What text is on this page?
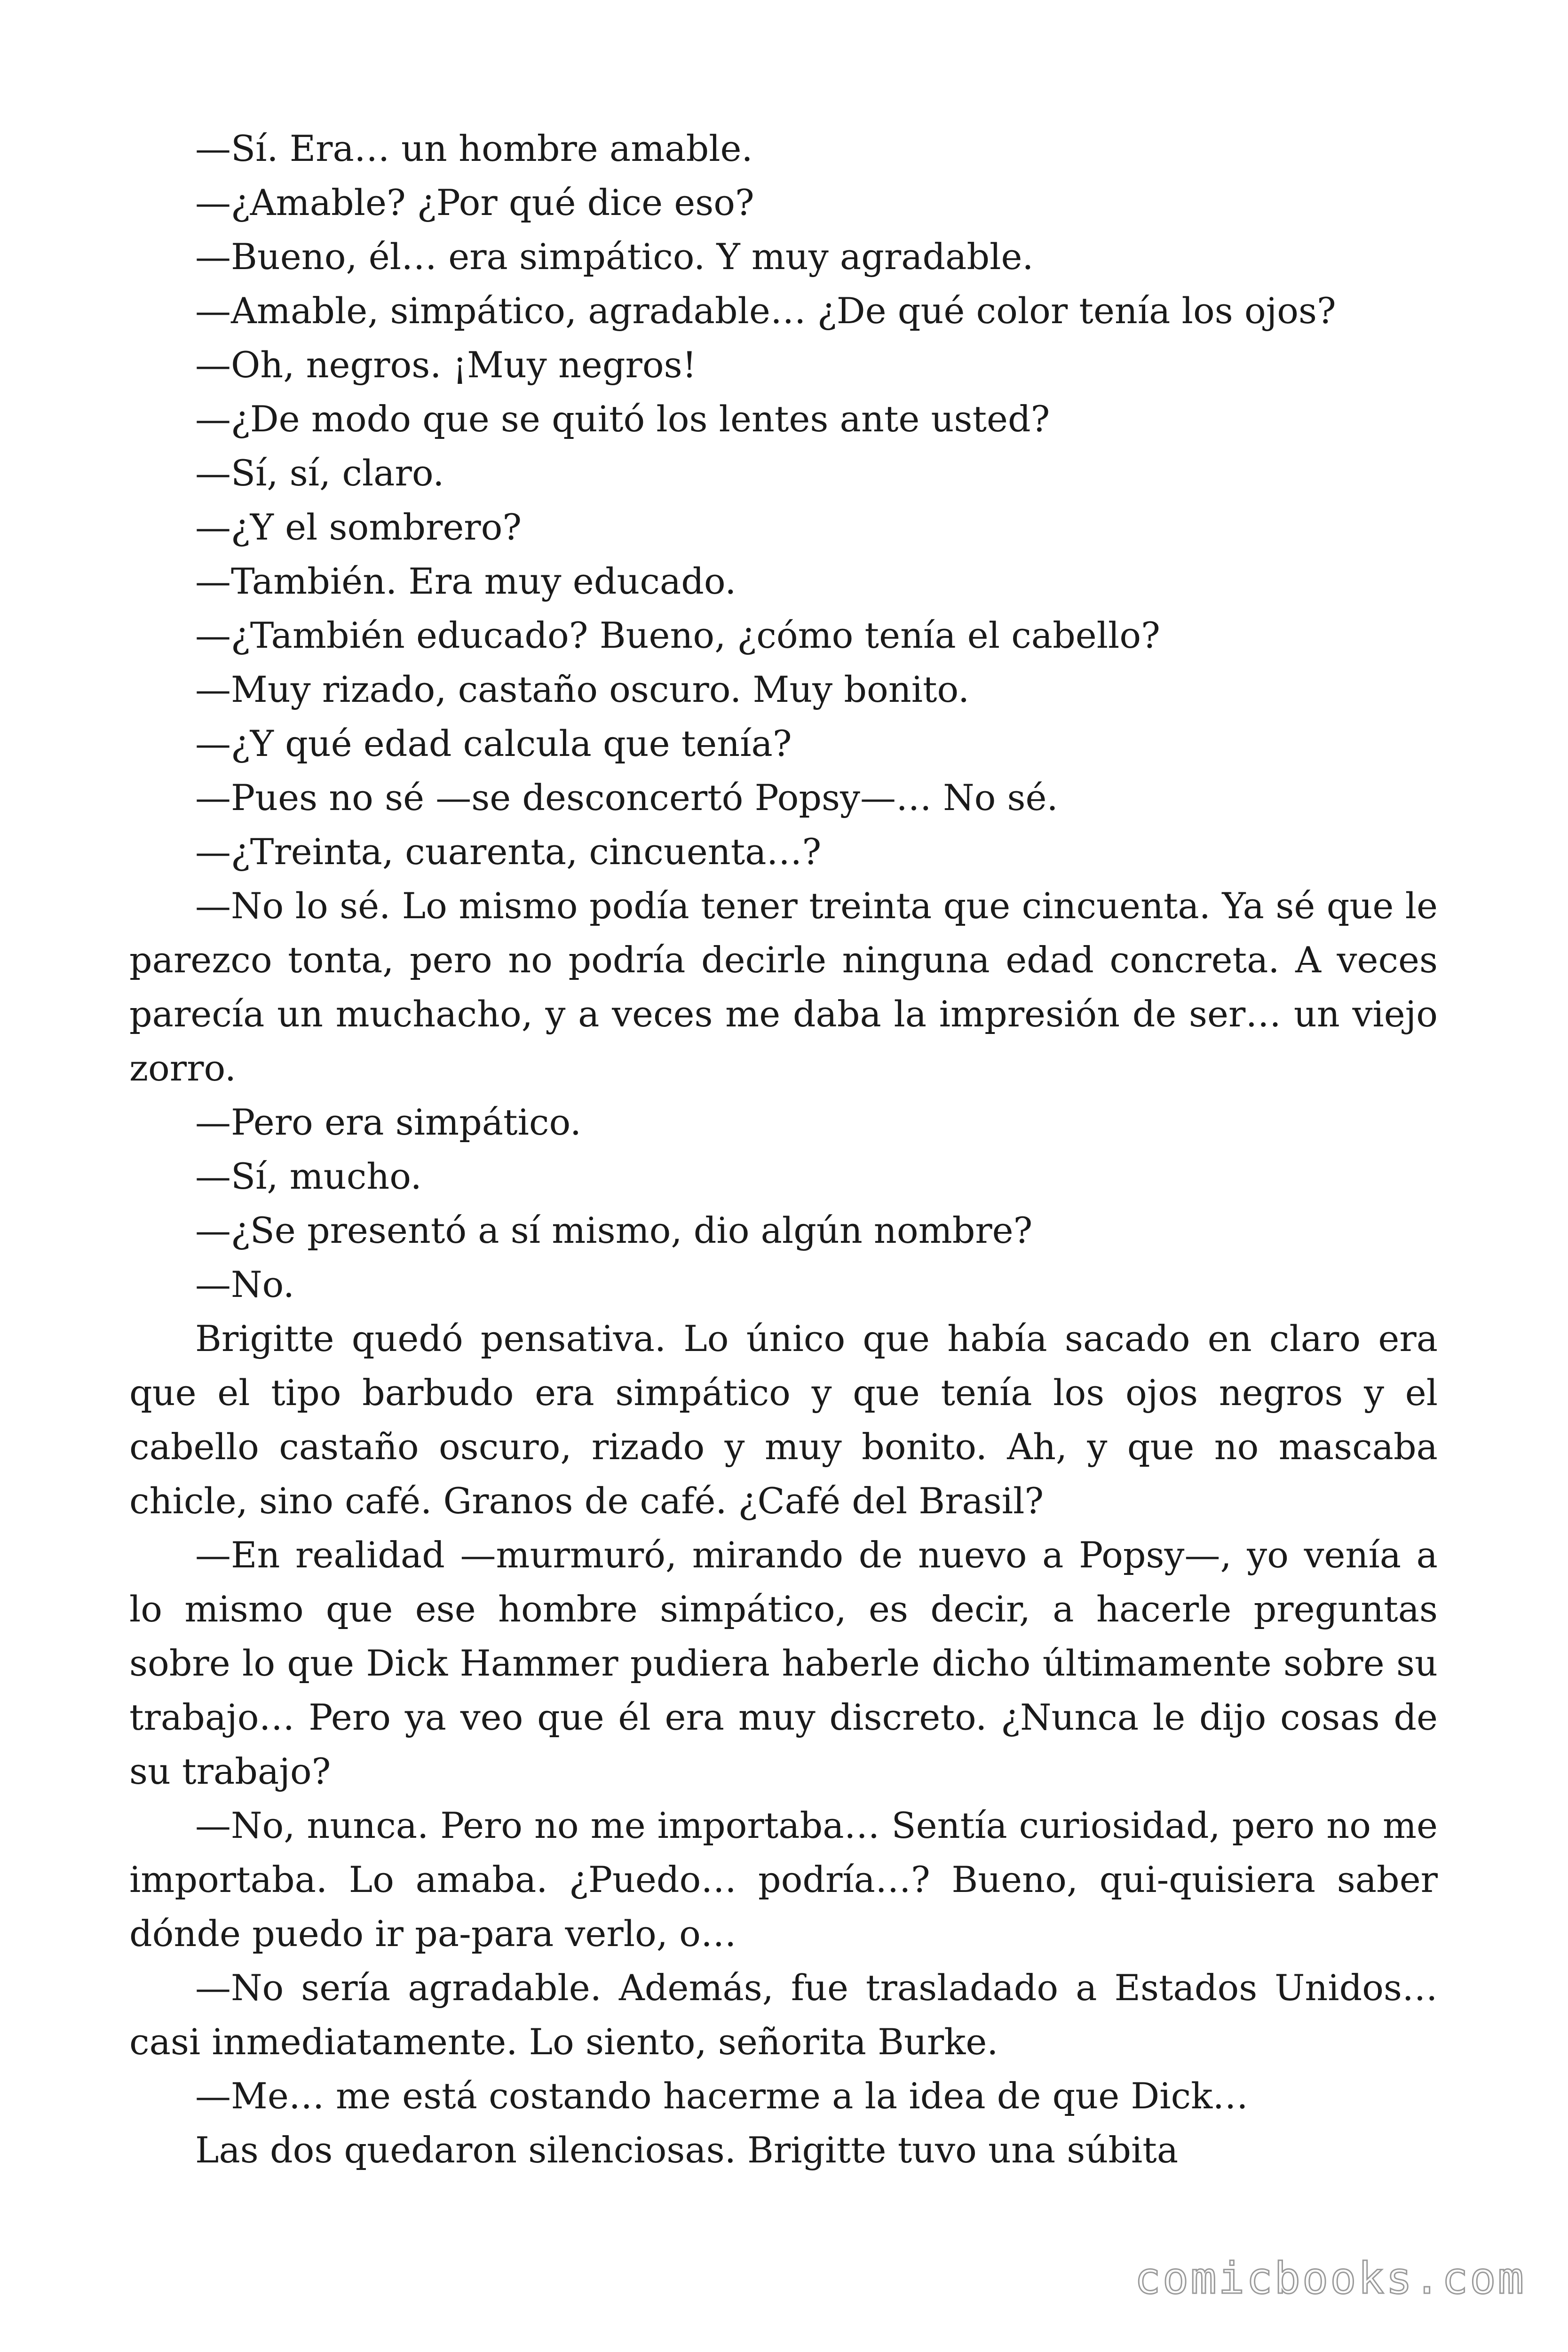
—Sí. Era… un hombre amable.

—¿Amable? ¿Por qué dice eso?

—Bueno, él… era simpático. Y muy agradable.

—Amable, simpático, agradable… ¿De qué color tenía los ojos?

—Oh, negros. ¡Muy negros!

—¿De modo que se quitó los lentes ante usted?

—Sí, sí, claro.

—¿Y el sombrero?

—También. Era muy educado.

—¿También educado? Bueno, ¿cómo tenía el cabello?

—Muy rizado, castaño oscuro. Muy bonito.

—¿Y qué edad calcula que tenía?

—Pues no sé —se desconcertó Popsy—… No sé.

—¿Treinta, cuarenta, cincuenta…?

—No lo sé. Lo mismo podía tener treinta que cincuenta. Ya sé que le parezco tonta, pero no podría decirle ninguna edad concreta. A veces parecía un muchacho, y a veces me daba la impresión de ser… un viejo zorro.

—Pero era simpático.

—Sí, mucho.

—¿Se presentó a sí mismo, dio algún nombre?

—No.

Brigitte quedó pensativa. Lo único que había sacado en claro era que el tipo barbudo era simpático y que tenía los ojos negros y el cabello castaño oscuro, rizado y muy bonito. Ah, y que no mascaba chicle, sino café. Granos de café. ¿Café del Brasil?

—En realidad —murmuró, mirando de nuevo a Popsy—, yo venía a lo mismo que ese hombre simpático, es decir, a hacerle preguntas sobre lo que Dick Hammer pudiera haberle dicho últimamente sobre su trabajo… Pero ya veo que él era muy discreto. ¿Nunca le dijo cosas de su trabajo?

—No, nunca. Pero no me importaba… Sentía curiosidad, pero no me importaba. Lo amaba. ¿Puedo… podría…? Bueno, qui-quisiera saber dónde puedo ir pa-para verlo, o…

—No sería agradable. Además, fue trasladado a Estados Unidos… casi inmediatamente. Lo siento, señorita Burke.

—Me… me está costando hacerme a la idea de que Dick…

Las dos quedaron silenciosas. Brigitte tuvo una súbita

comicbooks.com
